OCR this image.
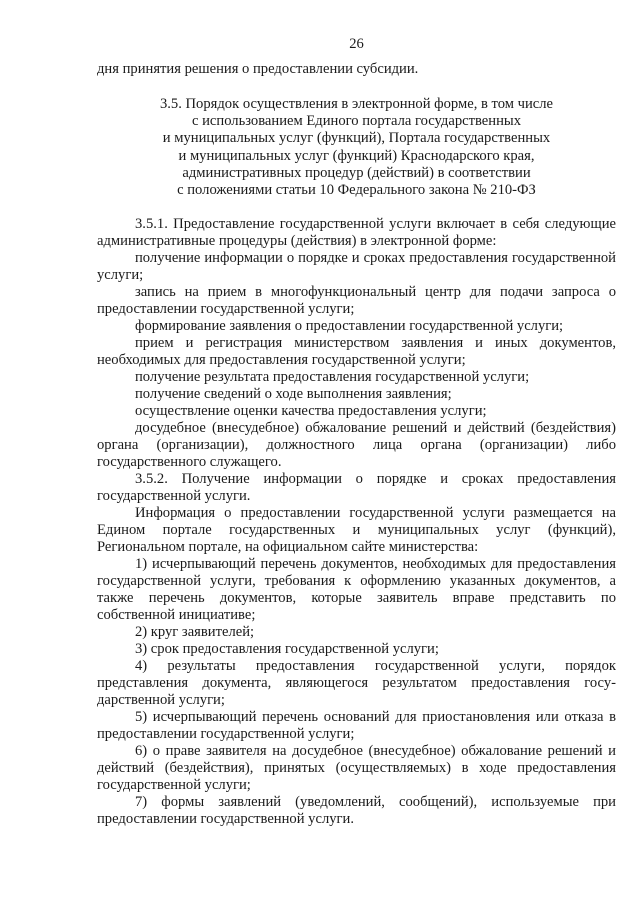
26
дня принятия решения о предоставлении субсидии.
3.5. Порядок осуществления в электронной форме, в том числе
с использованием Единого портала государственных
и муниципальных услуг (функций), Портала государственных
и муниципальных услуг (функций) Краснодарского края,
административных процедур (действий) в соответствии
с положениями статьи 10 Федерального закона № 210-ФЗ
3.5.1. Предоставление государственной услуги включает в себя следующие административные процедуры (действия) в электронной форме:
получение информации о порядке и сроках предоставления государственной услуги;
запись на прием в многофункциональный центр для подачи запроса о предоставлении государственной услуги;
формирование заявления о предоставлении государственной услуги;
прием и регистрация министерством заявления и иных документов, необходимых для предоставления государственной услуги;
получение результата предоставления государственной услуги;
получение сведений о ходе выполнения заявления;
осуществление оценки качества предоставления услуги;
досудебное (внесудебное) обжалование решений и действий (бездействия) органа (организации), должностного лица органа (организации) либо государственного служащего.
3.5.2. Получение информации о порядке и сроках предоставления государственной услуги.
Информация о предоставлении государственной услуги размещается на Едином портале государственных и муниципальных услуг (функций), Региональном портале, на официальном сайте министерства:
1) исчерпывающий перечень документов, необходимых для предоставления государственной услуги, требования к оформлению указанных документов, а также перечень документов, которые заявитель вправе представить по собственной инициативе;
2) круг заявителей;
3) срок предоставления государственной услуги;
4) результаты предоставления государственной услуги, порядок представления документа, являющегося результатом предоставления государственной услуги;
5) исчерпывающий перечень оснований для приостановления или отказа в предоставлении государственной услуги;
6) о праве заявителя на досудебное (внесудебное) обжалование решений и действий (бездействия), принятых (осуществляемых) в ходе предоставления государственной услуги;
7) формы заявлений (уведомлений, сообщений), используемые при предоставлении государственной услуги.
